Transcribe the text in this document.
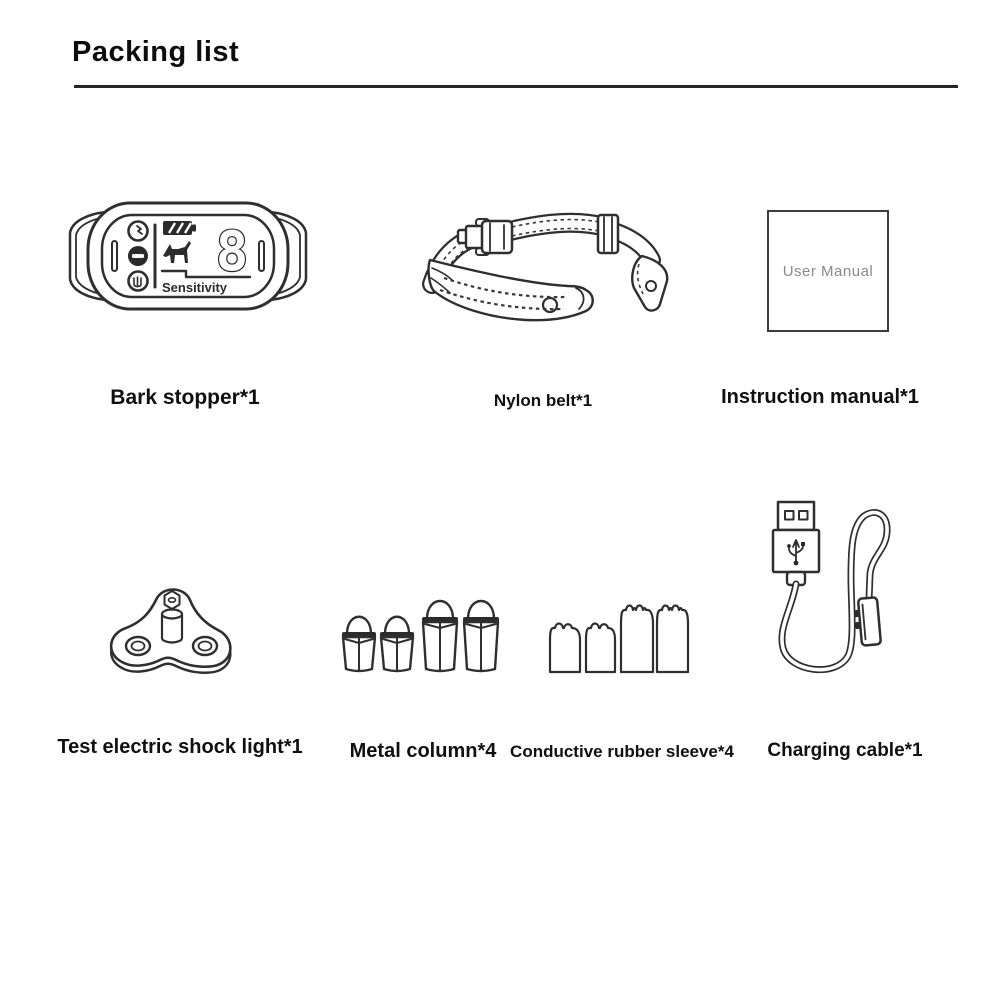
Packing list
8
Sensitivity
User Manual
Bark stopper*1	Nylon belt*1	Instruction manual*1
Test electric shock light*1 Metal column*4 Conductive rubber sleeve*4 Charging cable*1
